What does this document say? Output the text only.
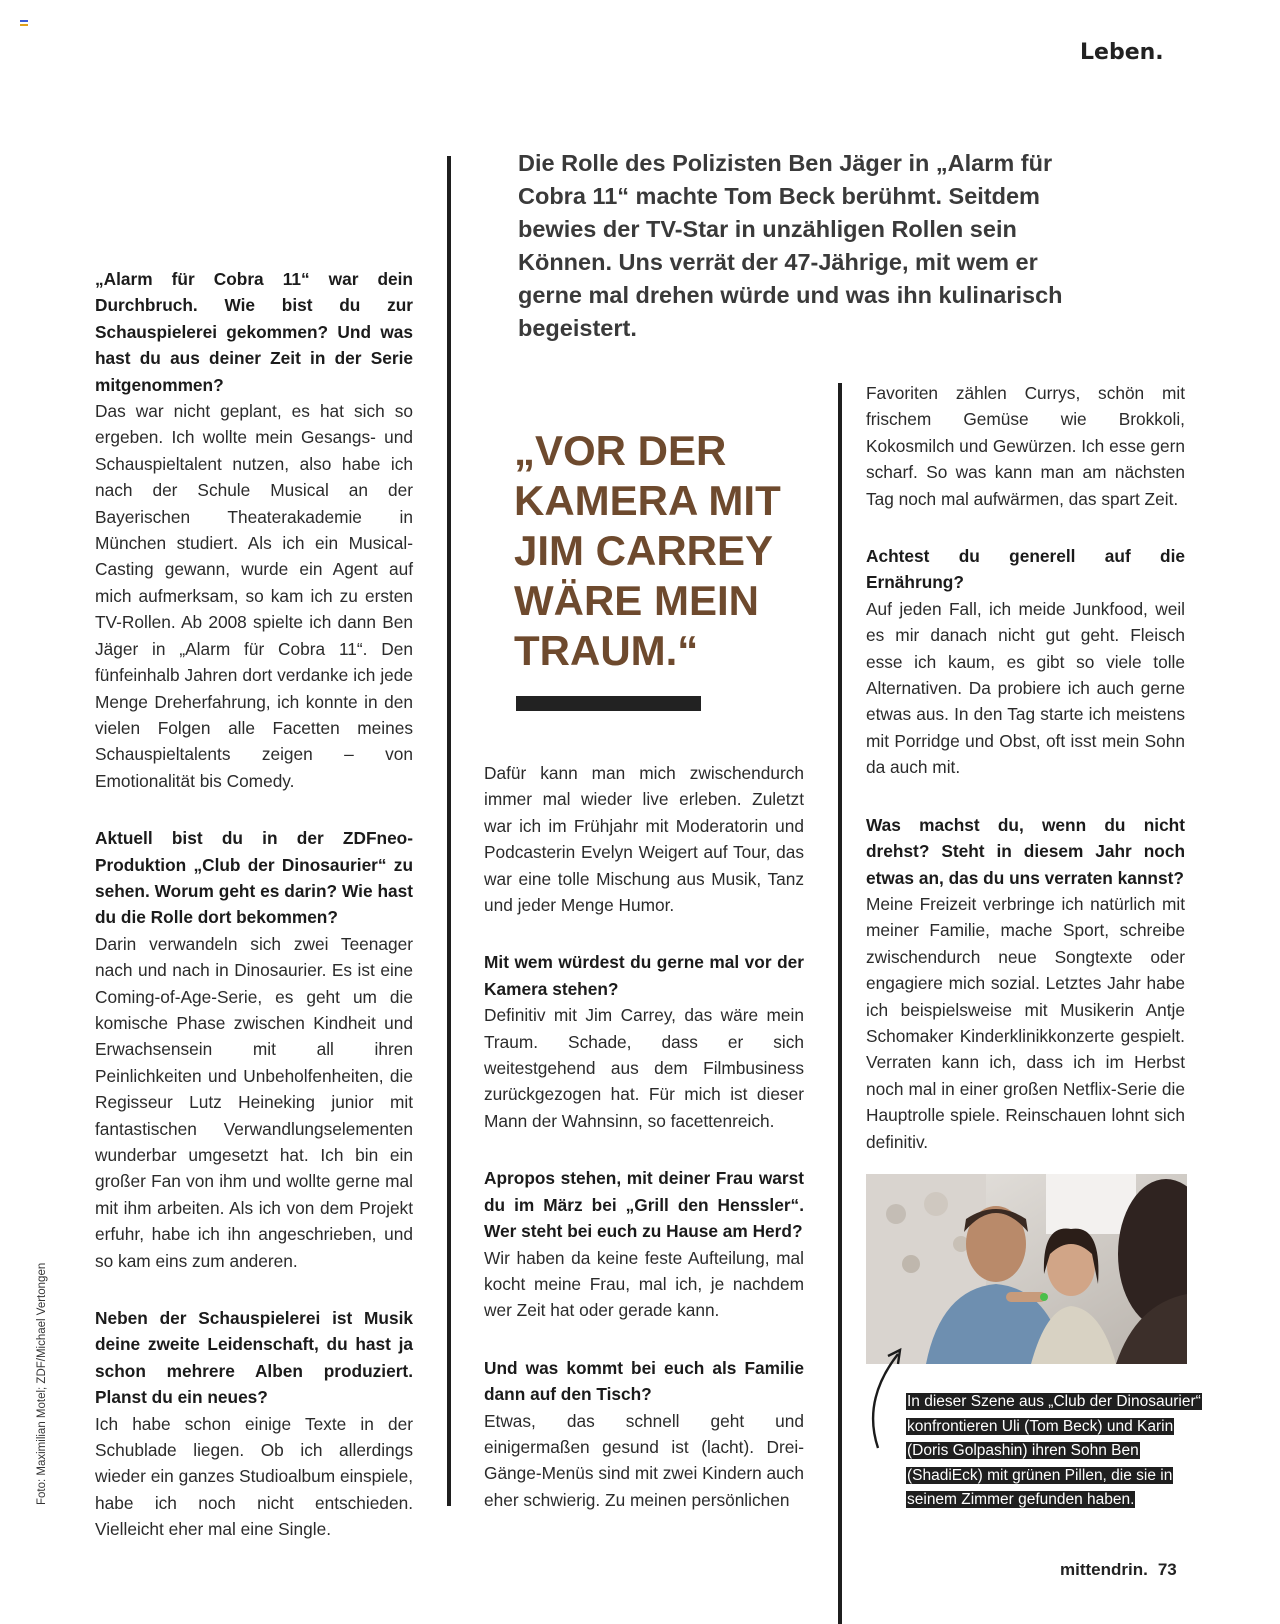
Leben.
Die Rolle des Polizisten Ben Jäger in „Alarm für Cobra 11“ machte Tom Beck berühmt. Seitdem bewies der TV-Star in unzähligen Rollen sein Können. Uns verrät der 47-Jährige, mit wem er gerne mal drehen würde und was ihn kulinarisch begeistert.
„VOR DER KAMERA MIT JIM CARREY WÄRE MEIN TRAUM.“

„Alarm für Cobra 11“ war dein Durchbruch. Wie bist du zur Schauspielerei gekommen? Und was hast du aus deiner Zeit in der Serie mitgenommen?
Das war nicht geplant, es hat sich so ergeben. Ich wollte mein Gesangs- und Schauspieltalent nutzen, also habe ich nach der Schule Musical an der Bayerischen Theaterakademie in München studiert. Als ich ein Musical-Casting gewann, wurde ein Agent auf mich aufmerksam, so kam ich zu ersten TV-Rollen. Ab 2008 spielte ich dann Ben Jäger in „Alarm für Cobra 11“. Den fünfeinhalb Jahren dort verdanke ich jede Menge Dreherfahrung, ich konnte in den vielen Folgen alle Facetten meines Schauspieltalents zeigen – von Emotionalität bis Comedy.

Aktuell bist du in der ZDFneo-Produktion „Club der Dinosaurier“ zu sehen. Worum geht es darin? Wie hast du die Rolle dort bekommen?
Darin verwandeln sich zwei Teenager nach und nach in Dinosaurier. Es ist eine Coming-of-Age-Serie, es geht um die komische Phase zwischen Kindheit und Erwachsensein mit all ihren Peinlichkeiten und Unbeholfenheiten, die Regisseur Lutz Heineking junior mit fantastischen Verwandlungselementen wunderbar umgesetzt hat. Ich bin ein großer Fan von ihm und wollte gerne mal mit ihm arbeiten. Als ich von dem Projekt erfuhr, habe ich ihn angeschrieben, und so kam eins zum anderen.

Neben der Schauspielerei ist Musik deine zweite Leidenschaft, du hast ja schon mehrere Alben produziert. Planst du ein neues?
Ich habe schon einige Texte in der Schublade liegen. Ob ich allerdings wieder ein ganzes Studioalbum einspiele, habe ich noch nicht entschieden. Vielleicht eher mal eine Single.

Dafür kann man mich zwischendurch immer mal wieder live erleben. Zuletzt war ich im Frühjahr mit Moderatorin und Podcasterin Evelyn Weigert auf Tour, das war eine tolle Mischung aus Musik, Tanz und jeder Menge Humor.

Mit wem würdest du gerne mal vor der Kamera stehen?
Definitiv mit Jim Carrey, das wäre mein Traum. Schade, dass er sich weitestgehend aus dem Filmbusiness zurückgezogen hat. Für mich ist dieser Mann der Wahnsinn, so facettenreich.

Apropos stehen, mit deiner Frau warst du im März bei „Grill den Henssler“. Wer steht bei euch zu Hause am Herd?
Wir haben da keine feste Aufteilung, mal kocht meine Frau, mal ich, je nachdem wer Zeit hat oder gerade kann.

Und was kommt bei euch als Familie dann auf den Tisch?
Etwas, das schnell geht und einigermaßen gesund ist (lacht). Drei-Gänge-Menüs sind mit zwei Kindern auch eher schwierig. Zu meinen persönlichen

Favoriten zählen Currys, schön mit frischem Gemüse wie Brokkoli, Kokosmilch und Gewürzen. Ich esse gern scharf. So was kann man am nächsten Tag noch mal aufwärmen, das spart Zeit.

Achtest du generell auf die Ernährung?
Auf jeden Fall, ich meide Junkfood, weil es mir danach nicht gut geht. Fleisch esse ich kaum, es gibt so viele tolle Alternativen. Da probiere ich auch gerne etwas aus. In den Tag starte ich meistens mit Porridge und Obst, oft isst mein Sohn da auch mit.

Was machst du, wenn du nicht drehst? Steht in diesem Jahr noch etwas an, das du uns verraten kannst?
Meine Freizeit verbringe ich natürlich mit meiner Familie, mache Sport, schreibe zwischendurch neue Songtexte oder engagiere mich sozial. Letztes Jahr habe ich beispielsweise mit Musikerin Antje Schomaker Kinderklinikkonzerte gespielt. Verraten kann ich, dass ich im Herbst noch mal in einer großen Netflix-Serie die Hauptrolle spiele. Reinschauen lohnt sich definitiv.

In dieser Szene aus „Club der Dinosaurier“ konfrontieren Uli (Tom Beck) und Karin (Doris Golpashin) ihren Sohn Ben (ShadiEck) mit grünen Pillen, die sie in seinem Zimmer gefunden haben.
Foto: Maximilian Motel; ZDF/Michael Vertongen
mittendrin. 73
